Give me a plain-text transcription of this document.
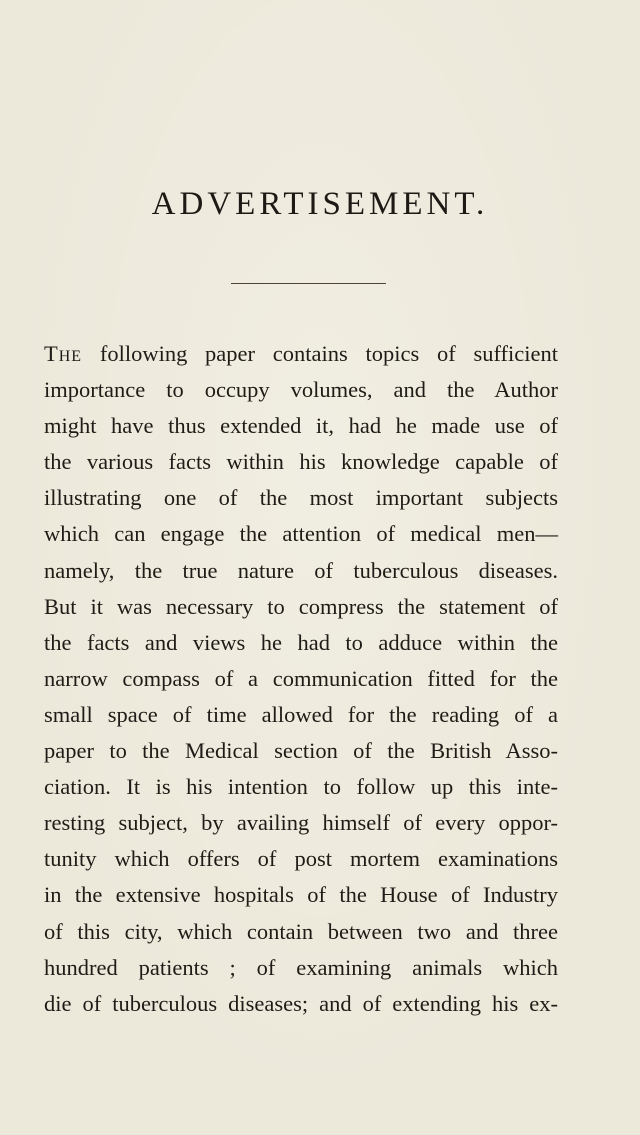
ADVERTISEMENT.
The following paper contains topics of sufficient
importance to occupy volumes, and the Author
might have thus extended it, had he made use of
the various facts within his knowledge capable of
illustrating one of the most important subjects
which can engage the attention of medical men—
namely, the true nature of tuberculous diseases.
But it was necessary to compress the statement of
the facts and views he had to adduce within the
narrow compass of a communication fitted for the
small space of time allowed for the reading of a
paper to the Medical section of the British Asso-
ciation. It is his intention to follow up this inte-
resting subject, by availing himself of every oppor-
tunity which offers of post mortem examinations
in the extensive hospitals of the House of Industry
of this city, which contain between two and three
hundred patients ; of examining animals which
die of tuberculous diseases; and of extending his ex-
